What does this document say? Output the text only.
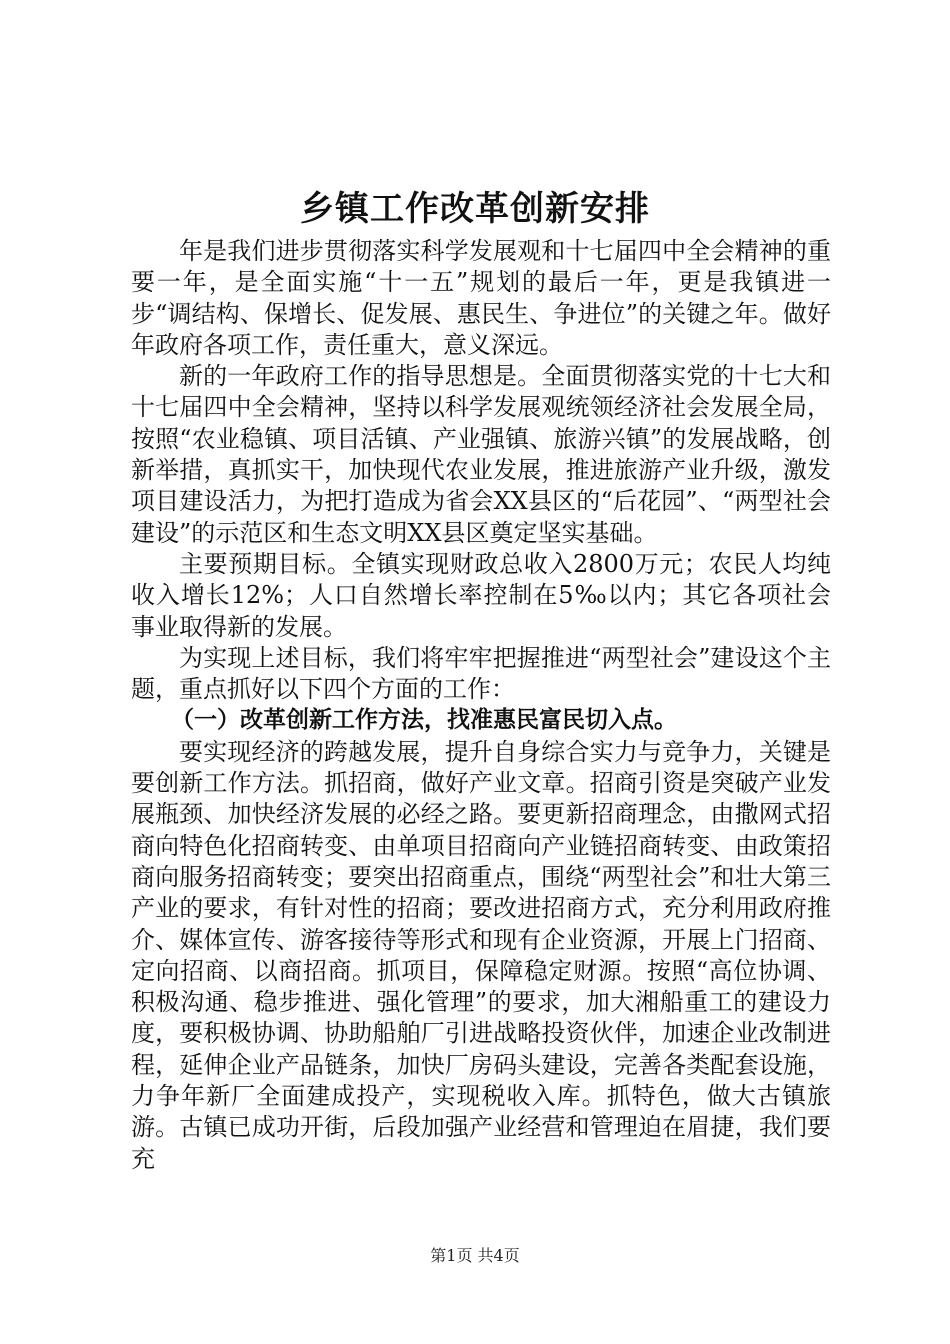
乡镇工作改革创新安排

年是我们进步贯彻落实科学发展观和十七届四中全会精神的重要一年，是全面实施“十一五”规划的最后一年，更是我镇进一步“调结构、保增长、促发展、惠民生、争进位”的关键之年。做好年政府各项工作，责任重大，意义深远。

新的一年政府工作的指导思想是。全面贯彻落实党的十七大和十七届四中全会精神，坚持以科学发展观统领经济社会发展全局，按照“农业稳镇、项目活镇、产业强镇、旅游兴镇”的发展战略，创新举措，真抓实干，加快现代农业发展，推进旅游产业升级，激发项目建设活力，为把打造成为省会XX县区的“后花园”、“两型社会建设”的示范区和生态文明XX县区奠定坚实基础。

主要预期目标。全镇实现财政总收入2800万元；农民人均纯收入增长12%；人口自然增长率控制在5‰以内；其它各项社会事业取得新的发展。

为实现上述目标，我们将牢牢把握推进“两型社会”建设这个主题，重点抓好以下四个方面的工作：

（一）改革创新工作方法，找准惠民富民切入点。

要实现经济的跨越发展，提升自身综合实力与竞争力，关键是要创新工作方法。抓招商，做好产业文章。招商引资是突破产业发展瓶颈、加快经济发展的必经之路。要更新招商理念，由撒网式招商向特色化招商转变、由单项目招商向产业链招商转变、由政策招商向服务招商转变；要突出招商重点，围绕“两型社会”和壮大第三产业的要求，有针对性的招商；要改进招商方式，充分利用政府推介、媒体宣传、游客接待等形式和现有企业资源，开展上门招商、定向招商、以商招商。抓项目，保障稳定财源。按照“高位协调、积极沟通、稳步推进、强化管理”的要求，加大湘船重工的建设力度，要积极协调、协助船舶厂引进战略投资伙伴，加速企业改制进程，延伸企业产品链条，加快厂房码头建设，完善各类配套设施，力争年新厂全面建成投产，实现税收入库。抓特色，做大古镇旅游。古镇已成功开街，后段加强产业经营和管理迫在眉捷，我们要充

第1页 共4页
